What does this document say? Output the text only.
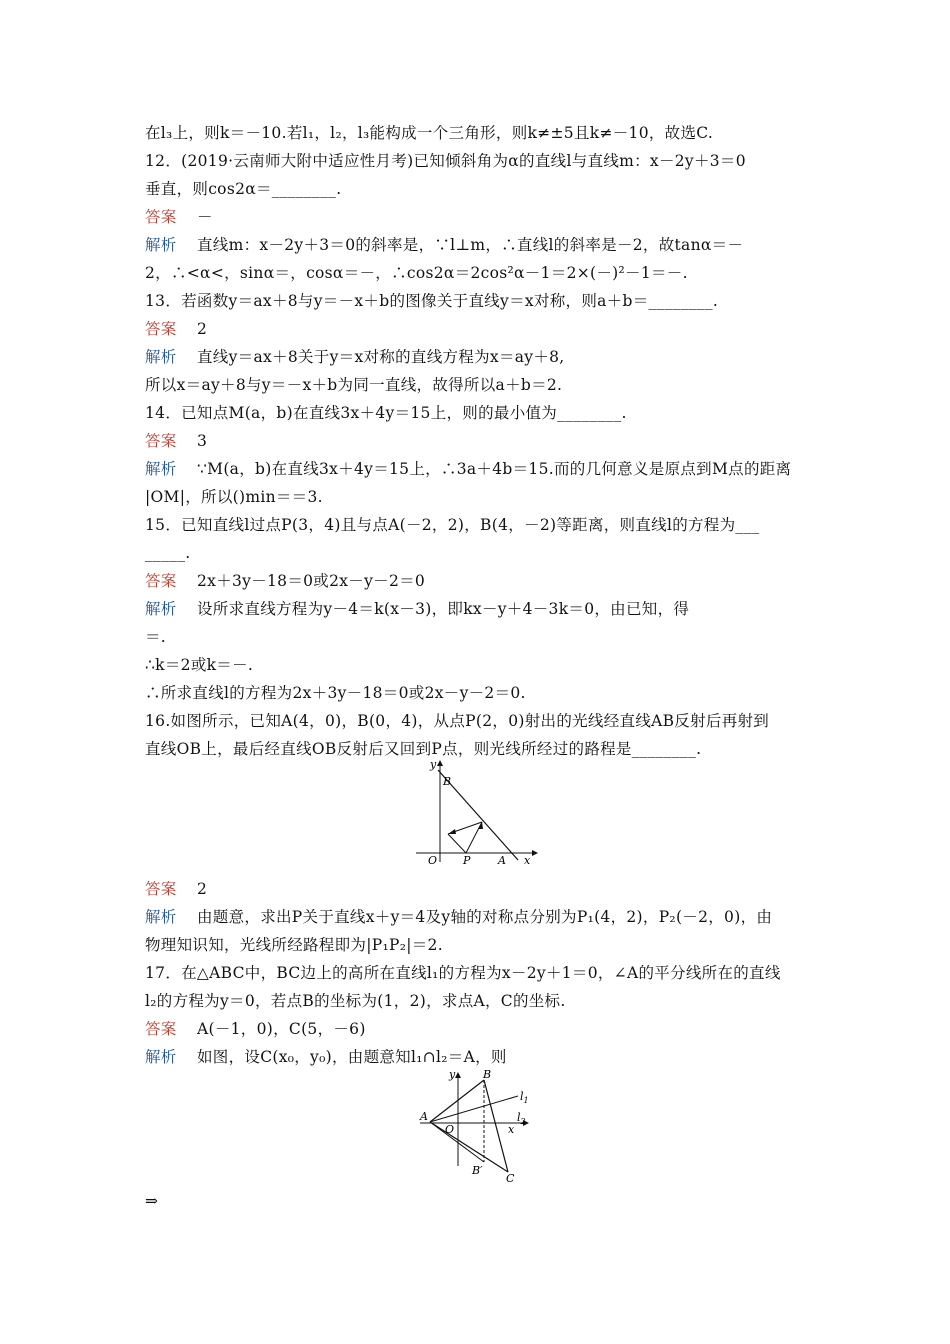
在l₃上，则k＝－10.若l₁，l₂，l₃能构成一个三角形，则k≠±5且k≠－10，故选C.
12．(2019·云南师大附中适应性月考)已知倾斜角为α的直线l与直线m：x－2y＋3＝0
垂直，则cos2α＝________.
答案 －
解析 直线m：x－2y＋3＝0的斜率是，∵l⊥m，∴直线l的斜率是－2，故tanα＝－
2，∴<α<，sinα＝，cosα＝－，∴cos2α＝2cos²α－1＝2×(－)²－1＝－.
13．若函数y＝ax＋8与y＝－x＋b的图像关于直线y＝x对称，则a＋b＝________.
答案 2
解析 直线y＝ax＋8关于y＝x对称的直线方程为x＝ay＋8,
所以x＝ay＋8与y＝－x＋b为同一直线，故得所以a＋b＝2.
14．已知点M(a，b)在直线3x＋4y＝15上，则的最小值为________.
答案 3
解析 ∵M(a，b)在直线3x＋4y＝15上，∴3a＋4b＝15.而的几何意义是原点到M点的距离
|OM|，所以()min＝＝3.
15．已知直线l过点P(3，4)且与点A(－2，2)，B(4，－2)等距离，则直线l的方程为___
_____.
答案 2x＋3y－18＝0或2x－y－2＝0
解析 设所求直线方程为y－4＝k(x－3)，即kx－y＋4－3k＝0，由已知，得
＝.
∴k＝2或k＝－.
∴所求直线l的方程为2x＋3y－18＝0或2x－y－2＝0.
16.如图所示，已知A(4，0)，B(0，4)，从点P(2，0)射出的光线经直线AB反射后再射到
直线OB上，最后经直线OB反射后又回到P点，则光线所经过的路程是________.
y
B
O P	A x
答案 2
解析 由题意，求出P关于直线x＋y＝4及y轴的对称点分别为P₁(4，2)，P₂(－2，0)，由
物理知识知，光线所经路程即为|P₁P₂|＝2.
17．在△ABC中，BC边上的高所在直线l₁的方程为x－2y＋1＝0，∠A的平分线所在的直线
l₂的方程为y＝0，若点B的坐标为(1，2)，求点A，C的坐标.
答案 A(－1，0)，C(5，－6)
解析 如图，设C(x₀，y₀)，由题意知l₁∩l₂＝A，则
y	B
$l_1$
A
O	x
$l_2$
B′
C
⇒
